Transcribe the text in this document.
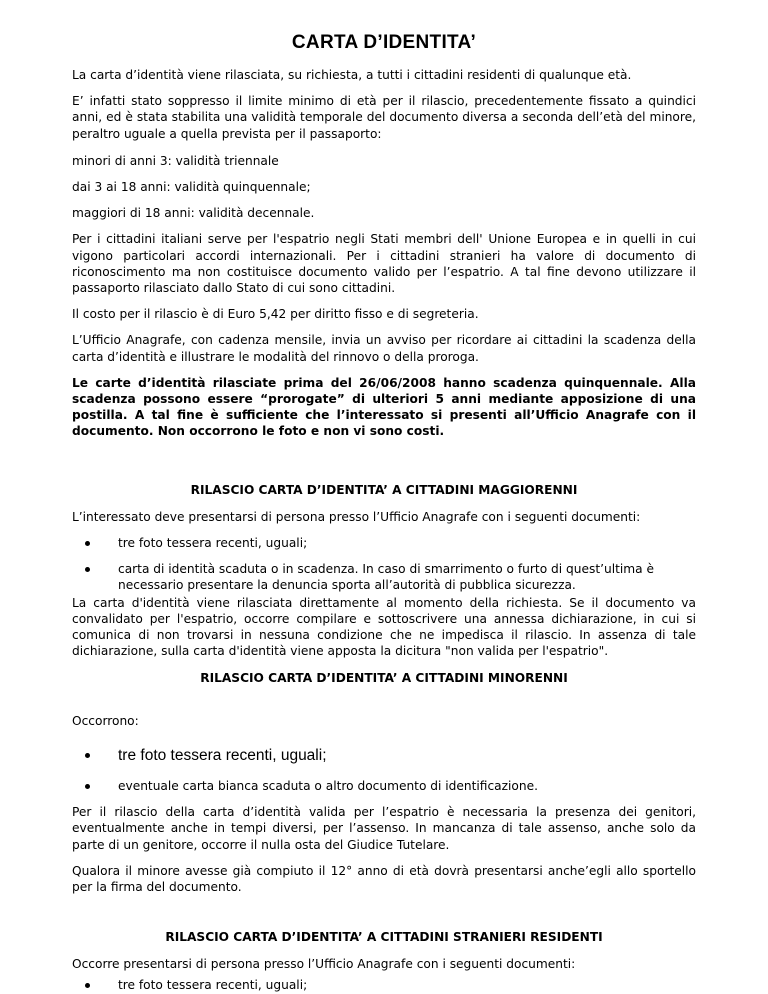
CARTA D’IDENTITA’

La carta d’identità viene rilasciata, su richiesta, a tutti i cittadini residenti di qualunque età.

E’ infatti stato soppresso il limite minimo di età per il rilascio, precedentemente fissato a quindici anni, ed è stata stabilita una validità temporale del documento diversa a seconda dell’età del minore, peraltro uguale a quella prevista per il passaporto:

minori di anni 3: validità triennale

dai 3 ai 18 anni: validità quinquennale;

maggiori di 18 anni: validità decennale.

Per i cittadini italiani serve per l'espatrio negli Stati membri dell' Unione Europea e in quelli in cui vigono particolari accordi internazionali. Per i cittadini stranieri ha valore di documento di riconoscimento ma non costituisce documento valido per l’espatrio. A tal fine devono utilizzare il passaporto rilasciato dallo Stato di cui sono cittadini.

Il costo per il rilascio è di Euro 5,42 per diritto fisso e di segreteria.

L’Ufficio Anagrafe, con cadenza mensile, invia un avviso per ricordare ai cittadini la scadenza della carta d’identità e illustrare le modalità del rinnovo o della proroga.

Le carte d’identità rilasciate prima del 26/06/2008 hanno scadenza quinquennale. Alla scadenza possono essere “prorogate” di ulteriori 5 anni mediante apposizione di una postilla. A tal fine è sufficiente che l’interessato si presenti all’Ufficio Anagrafe con il documento. Non occorrono le foto e non vi sono costi.

RILASCIO CARTA D’IDENTITA’ A CITTADINI MAGGIORENNI

L’interessato deve presentarsi di persona presso l’Ufficio Anagrafe con i seguenti documenti:

tre foto tessera recenti, uguali;
carta di identità scaduta o in scadenza. In caso di smarrimento o furto di quest’ultima è necessario presentare la denuncia sporta all’autorità di pubblica sicurezza.

La carta d'identità viene rilasciata direttamente al momento della richiesta. Se il documento va convalidato per l'espatrio, occorre compilare e sottoscrivere una annessa dichiarazione, in cui si comunica di non trovarsi in nessuna condizione che ne impedisca il rilascio. In assenza di tale dichiarazione, sulla carta d'identità viene apposta la dicitura "non valida per l'espatrio".

RILASCIO CARTA D’IDENTITA’ A CITTADINI MINORENNI

Occorrono:

tre foto tessera recenti, uguali;
eventuale carta bianca scaduta o altro documento di identificazione.

Per il rilascio della carta d’identità valida per l’espatrio è necessaria la presenza dei genitori, eventualmente anche in tempi diversi, per l’assenso. In mancanza di tale assenso, anche solo da parte di un genitore, occorre il nulla osta del Giudice Tutelare.

Qualora il minore avesse già compiuto il 12° anno di età dovrà presentarsi anche’egli allo sportello per la firma del documento.

RILASCIO CARTA D’IDENTITA’ A CITTADINI STRANIERI RESIDENTI

Occorre presentarsi di persona presso l’Ufficio Anagrafe con i seguenti documenti:

tre foto tessera recenti, uguali;
